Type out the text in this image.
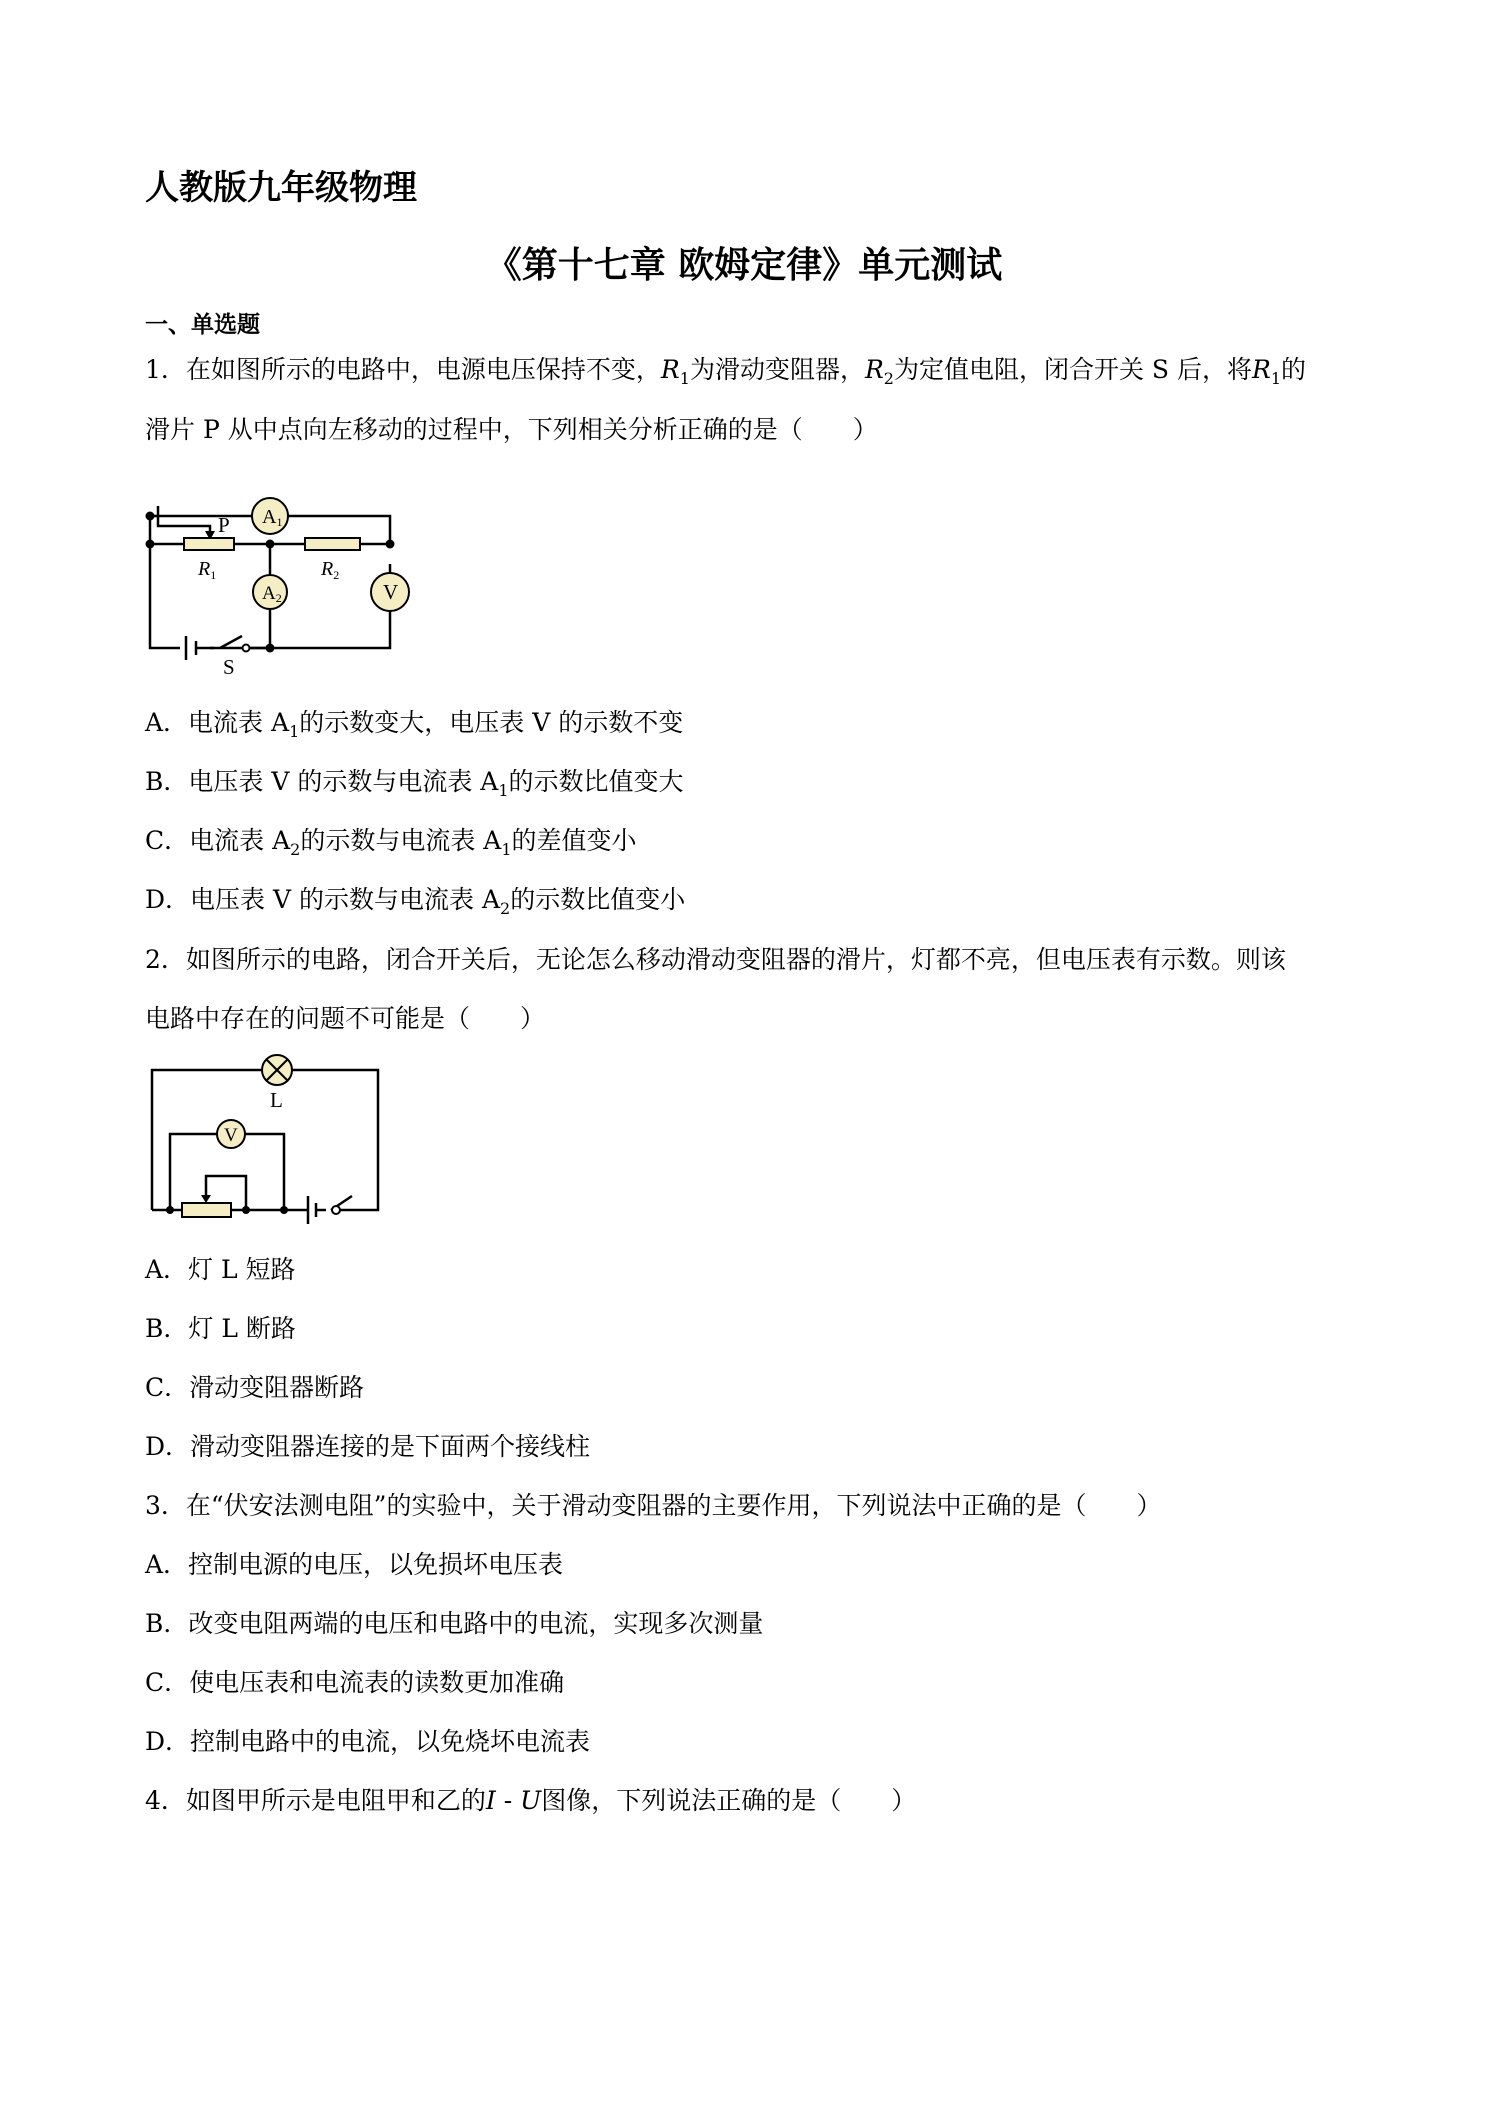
人教版九年级物理
《第十七章 欧姆定律》单元测试
一、单选题
1．在如图所示的电路中，电源电压保持不变，$R_1$为滑动变阻器，$R_2$为定值电阻，闭合开关 S 后，将$R_1$的
滑片 P 从中点向左移动的过程中，下列相关分析正确的是（　　）
A1
A2	V
P
$R_1$	$R_2$
S
A．电流表 $A_1$的示数变大，电压表 V 的示数不变
B．电压表 V 的示数与电流表 $A_1$的示数比值变大
C．电流表 $A_2$的示数与电流表 $A_1$的差值变小
D．电压表 V 的示数与电流表 $A_2$的示数比值变小
2．如图所示的电路，闭合开关后，无论怎么移动滑动变阻器的滑片，灯都不亮，但电压表有示数。则该
电路中存在的问题不可能是（　　）
L
V
A．灯 L 短路
B．灯 L 断路
C．滑动变阻器断路
D．滑动变阻器连接的是下面两个接线柱
3．在“伏安法测电阻”的实验中，关于滑动变阻器的主要作用，下列说法中正确的是（　　）
A．控制电源的电压，以免损坏电压表
B．改变电阻两端的电压和电路中的电流，实现多次测量
C．使电压表和电流表的读数更加准确
D．控制电路中的电流，以免烧坏电流表
4．如图甲所示是电阻甲和乙的I - U图像，下列说法正确的是（　　）
